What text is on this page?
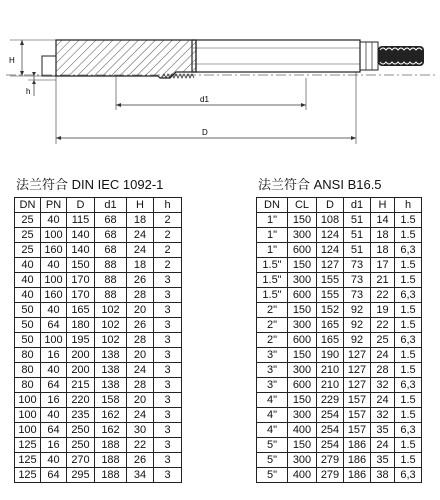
H
h
d1
D
法兰符合 DIN IEC 1092-1	法兰符合 ANSI B16.5
DN	PN	D	d1	H	h
25	40	115	68	18	2
25	100	140	68	24	2
25	160	140	68	24	2
40	40	150	88	18	2
40	100	170	88	26	3
40	160	170	88	28	3
50	40	165	102	20	3
50	64	180	102	26	3
50	100	195	102	28	3
80	16	200	138	20	3
80	40	200	138	24	3
80	64	215	138	28	3
100	16	220	158	20	3
100	40	235	162	24	3
100	64	250	162	30	3
125	16	250	188	22	3
125	40	270	188	26	3
125	64	295	188	34	3
DN	CL	D	d1	H	h
1"	150	108	51	14	1.5
1"	300	124	51	18	1.5
1"	600	124	51	18	6,3
1.5"	150	127	73	17	1.5
1.5"	300	155	73	21	1.5
1.5"	600	155	73	22	6,3
2"	150	152	92	19	1.5
2"	300	165	92	22	1.5
2"	600	165	92	25	6,3
3"	150	190	127	24	1.5
3"	300	210	127	28	1.5
3"	600	210	127	32	6,3
4"	150	229	157	24	1.5
4"	300	254	157	32	1.5
4"	400	254	157	35	6,3
5"	150	254	186	24	1.5
5"	300	279	186	35	1.5
5"	400	279	186	38	6,3
